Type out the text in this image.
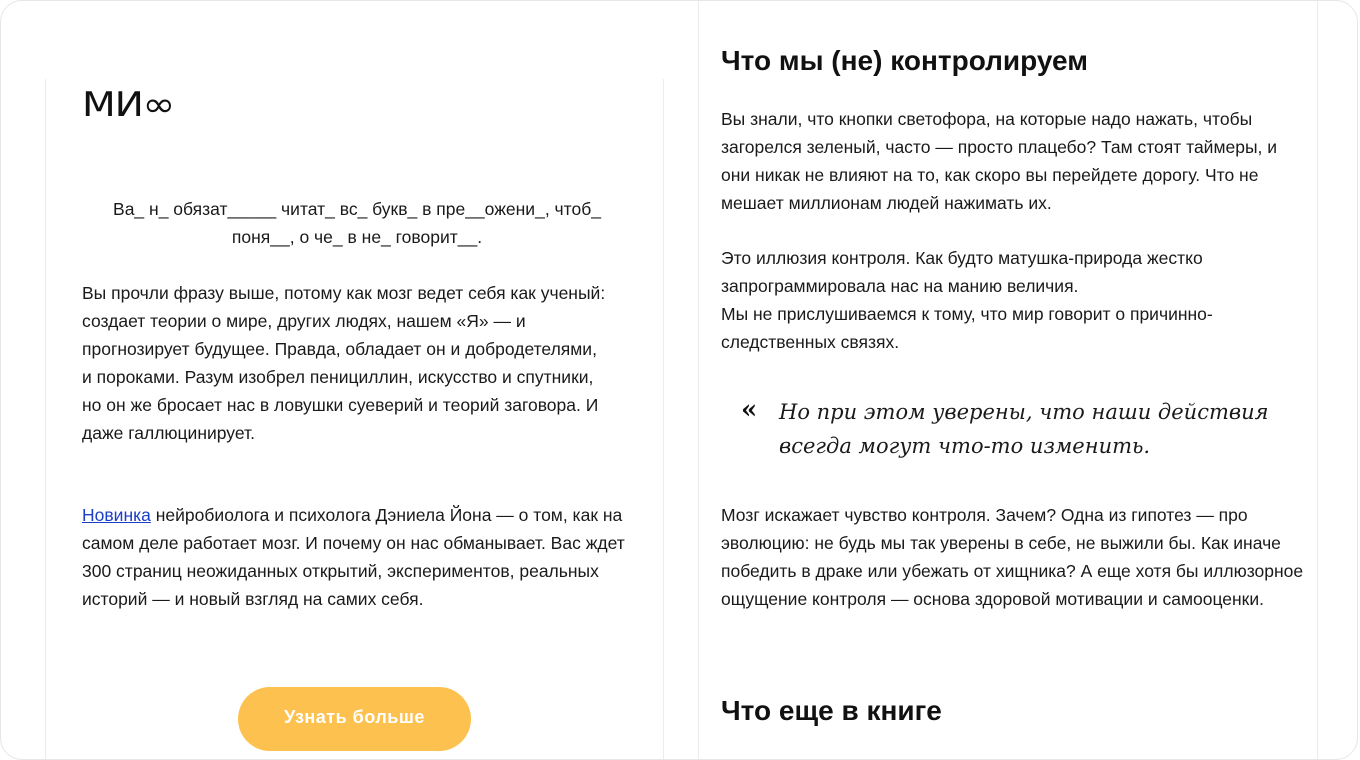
МИ∞
Ва_ н_ обязат_____ читат_ вс_ букв_ в пре__ожени_, чтоб_
поня__, о че_ в не_ говорит__.

Вы прочли фразу выше, потому как мозг ведет себя как ученый: создает теории о мире, других людях, нашем «Я» — и прогнозирует будущее. Правда, обладает он и добродетелями, и пороками. Разум изобрел пенициллин, искусство и спутники, но он же бросает нас в ловушки суеверий и теорий заговора. И даже галлюцинирует.

Новинка нейробиолога и психолога Дэниела Йона — о том, как на самом деле работает мозг. И почему он нас обманывает. Вас ждет 300 страниц неожиданных открытий, экспериментов, реальных историй — и новый взгляд на самих себя.

Узнать больше
Что мы (не) контролируем

Вы знали, что кнопки светофора, на которые надо нажать, чтобы загорелся зеленый, часто — просто плацебо? Там стоят таймеры, и они никак не влияют на то, как скоро вы перейдете дорогу. Что не мешает миллионам людей нажимать их.

Это иллюзия контроля. Как будто матушка-природа жестко запрограммировала нас на манию величия.
Мы не прислушиваемся к тому, что мир говорит о причинно-следственных связях.
«	Но при этом уверены, что наши действия всегда могут что-то изменить.

Мозг искажает чувство контроля. Зачем? Одна из гипотез — про эволюцию: не будь мы так уверены в себе, не выжили бы. Как иначе победить в драке или убежать от хищника? А еще хотя бы иллюзорное ощущение контроля — основа здоровой мотивации и самооценки.

Что еще в книге
